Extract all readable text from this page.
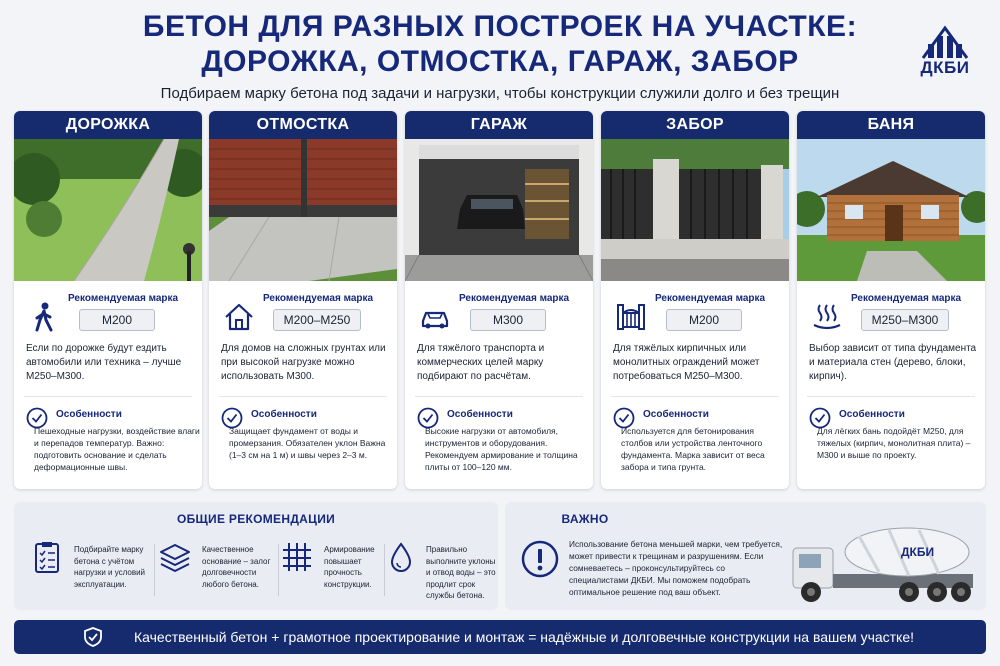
БЕТОН ДЛЯ РАЗНЫХ ПОСТРОЕК НА УЧАСТКЕ:
ДОРОЖКА, ОТМОСТКА, ГАРАЖ, ЗАБОР
Подбираем марку бетона под задачи и нагрузки, чтобы конструкции служили долго и без трещин
ДКБИ
ДОРОЖКА
Рекомендуемая марка
М200
Если по дорожке будут ездить автомобили или техника – лучше М250–М300.
Особенности
Пешеходные нагрузки, воздействие влаги и перепадов температур. Важно: подготовить основание и сделать деформационные швы.
ОТМОСТКА
Рекомендуемая марка
М200–М250
Для домов на сложных грунтах или при высокой нагрузке можно использовать М300.
Особенности
Защищает фундамент от воды и промерзания. Обязателен уклон Важна (1–3 см на 1 м) и швы через 2–3 м.
ГАРАЖ
Рекомендуемая марка
М300
Для тяжёлого транспорта и коммерческих целей марку подбирают по расчётам.
Особенности
Высокие нагрузки от автомобиля, инструментов и оборудования. Рекомендуем армирование и толщина плиты от 100–120 мм.
ЗАБОР
Рекомендуемая марка
М200
Для тяжёлых кирпичных или монолитных ограждений может потребоваться М250–М300.
Особенности
Используется для бетонирования столбов или устройства ленточного фундамента. Марка зависит от веса забора и типа грунта.
БАНЯ
Рекомендуемая марка
М250–М300
Выбор зависит от типа фундамента и материала стен (дерево, блоки, кирпич).
Особенности
Для лёгких бань подойдёт М250, для тяжелых (кирпич, монолитная плита) – М300 и выше по проекту.
ОБЩИЕ РЕКОМЕНДАЦИИ
Подбирайте марку бетона с учётом нагрузки и условий эксплуатации.
Качественное основание – залог долговечности любого бетона.
Армирование повышает прочность конструкции.
Правильно выполните уклоны и отвод воды – это продлит срок службы бетона.
ВАЖНО
Использование бетона меньшей марки, чем требуется, может привести к трещинам и разрушениям. Если сомневаетесь – проконсультируйтесь со специалистами ДКБИ. Мы поможем подобрать оптимальное решение под ваш объект.
ДКБИ
Качественный бетон + грамотное проектирование и монтаж = надёжные и долговечные конструкции на вашем участке!
